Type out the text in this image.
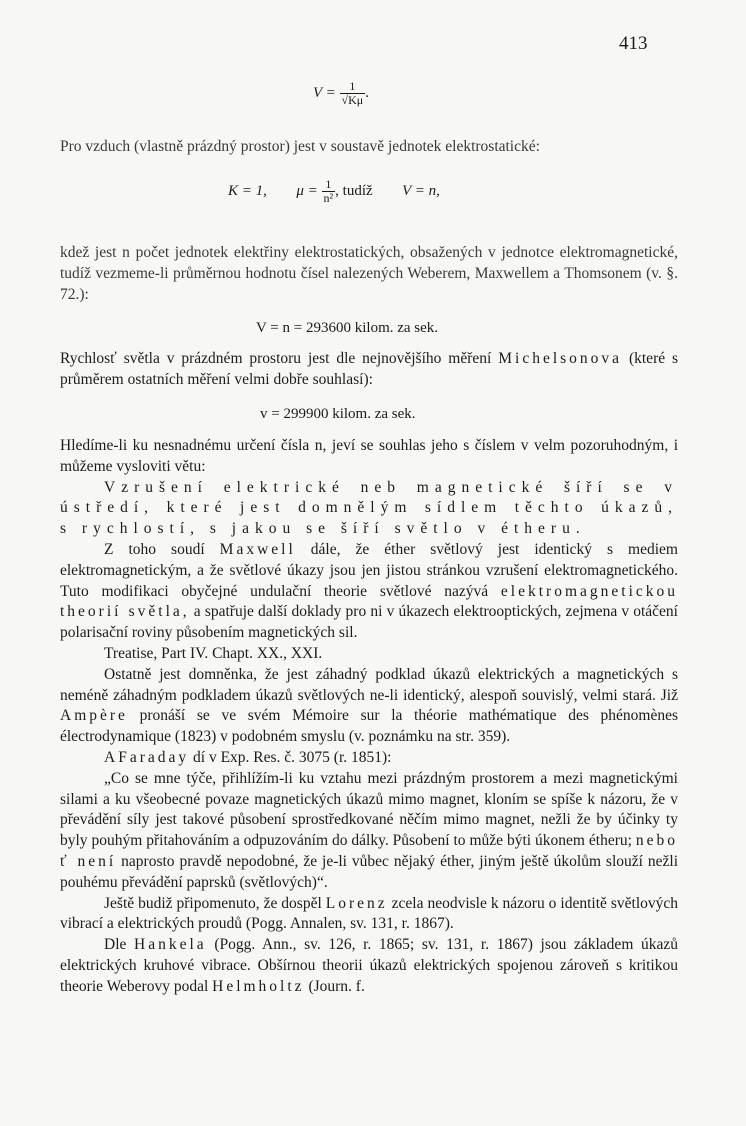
413
$V = \frac{1}{√K\mu}$ .

Pro vzduch (vlastně prázdný prostor) jest v soustavě jednotek elektrostatické:

K = 1, $\mu = \frac{1}{\text{n²}}$ , tudíž V = n,

kdež jest n počet jednotek elektřiny elektrostatických, obsažených v jednotce elektromagnetické, tudíž vezmeme-li průměrnou hodnotu čísel nalezených Weberem, Maxwellem a Thomsonem (v. §. 72.):

V = n = 293600 kilom. za sek.

Rychlosť světla v prázdném prostoru jest dle nejnovějšího měření Michelsonova (které s průměrem ostatních měření velmi dobře souhlasí):

v = 299900 kilom. za sek.

Hledíme-li ku nesnadnému určení čísla n, jeví se souhlas jeho s číslem v velm pozoruhodným, i můžeme vysloviti větu:

Vzrušení elektrické neb magnetické šíří se v ústředí, které jest domnělým sídlem těchto úkazů, s rychlostí, s jakou se šíří světlo v étheru.

Z toho soudí Maxwell dále, že éther světlový jest identický s mediem elektromagnetickým, a že světlové úkazy jsou jen jistou stránkou vzrušení elektromagnetického. Tuto modifikaci obyčejné undulační theorie světlové nazývá elektromagnetickou theorií světla, a spatřuje další doklady pro ni v úkazech elektrooptických, zejmena v otáčení polarisační roviny působením magnetických sil.

Treatise, Part IV. Chapt. XX., XXI.

Ostatně jest domněnka, že jest záhadný podklad úkazů elektrických a magnetických s neméně záhadným podkladem úkazů světlových ne-li identický, alespoň souvislý, velmi stará. Již Ampère pronáší se ve svém Mémoire sur la théorie mathématique des phénomènes électrodynamique (1823) v podobném smyslu (v. poznámku na str. 359).

A Faraday dí v Exp. Res. č. 3075 (r. 1851):

„Co se mne týče, přihlížím-li ku vztahu mezi prázdným prostorem a mezi magnetickými silami a ku všeobecné povaze magnetických úkazů mimo magnet, kloním se spíše k názoru, že v převádění síly jest takové působení sprostředkované něčím mimo magnet, nežli že by účinky ty byly pouhým přitahováním a odpuzováním do dálky. Působení to může býti úkonem étheru; nebo ť není naprosto pravdě nepodobné, že je-li vůbec nějaký éther, jiným ještě úkolům slouží nežli pouhému převádění paprsků (světlových)“.

Ještě budiž připomenuto, že dospěl Lorenz zcela neodvisle k názoru o identitě světlových vibrací a elektrických proudů (Pogg. Annalen, sv. 131, r. 1867).

Dle Hankela (Pogg. Ann., sv. 126, r. 1865; sv. 131, r. 1867) jsou základem úkazů elektrických kruhové vibrace. Obšírnou theorii úkazů elektrických spojenou zároveň s kritikou theorie Weberovy podal Helmholtz (Journ. f.
